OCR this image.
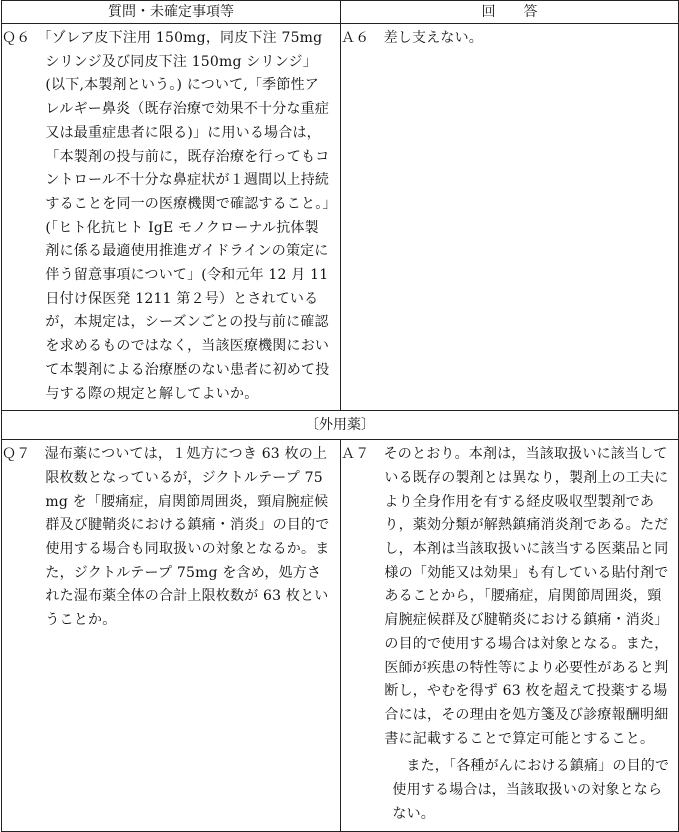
質問・未確定事項等	回　　答

Ｑ６　 「ゾレア皮下注用 150mg，同皮下注 75mg シリンジ及び同皮下注 150mg シリンジ」(以下,本製剤という。) について,「季節性アレルギー鼻炎（既存治療で効果不十分な重症又は最重症患者に限る)」に用いる場合は，「本製剤の投与前に，既存治療を行ってもコントロール不十分な鼻症状が１週間以上持続することを同一の医療機関で確認すること。」(「ヒト化抗ヒト IgE モノクローナル抗体製剤に係る最適使用推進ガイドラインの策定に伴う留意事項について」(令和元年 12 月 11 日付け保医発 1211 第２号）とされているが，本規定は，シーズンごとの投与前に確認を求めるものではなく，当該医療機関において本製剤による治療歴のない患者に初めて投与する際の規定と解してよいか。	Ａ６　 差し支えない。

〔外用薬〕	

Ｑ７　 湿布薬については，１処方につき 63 枚の上限枚数となっているが，ジクトルテープ 75mg を「腰痛症，肩関節周囲炎，頸肩腕症候群及び腱鞘炎における鎮痛・消炎」の目的で使用する場合も同取扱いの対象となるか。また，ジクトルテープ 75mg を含め，処方された湿布薬全体の合計上限枚数が 63 枚ということか。	Ａ７　 そのとおり。本剤は，当該取扱いに該当している既存の製剤とは異なり，製剤上の工夫により全身作用を有する経皮吸収型製剤であり，薬効分類が解熱鎮痛消炎剤である。ただし，本剤は当該取扱いに該当する医薬品と同様の「効能又は効果」も有している貼付剤であることから，「腰痛症，肩関節周囲炎，頸肩腕症候群及び腱鞘炎における鎮痛・消炎」の目的で使用する場合は対象となる。また，医師が疾患の特性等により必要性があると判断し，やむを得ず 63 枚を超えて投薬する場合には，その理由を処方箋及び診療報酬明細書に記載することで算定可能とすること。
また，「各種がんにおける鎮痛」の目的で使用する場合は，当該取扱いの対象とならない。
